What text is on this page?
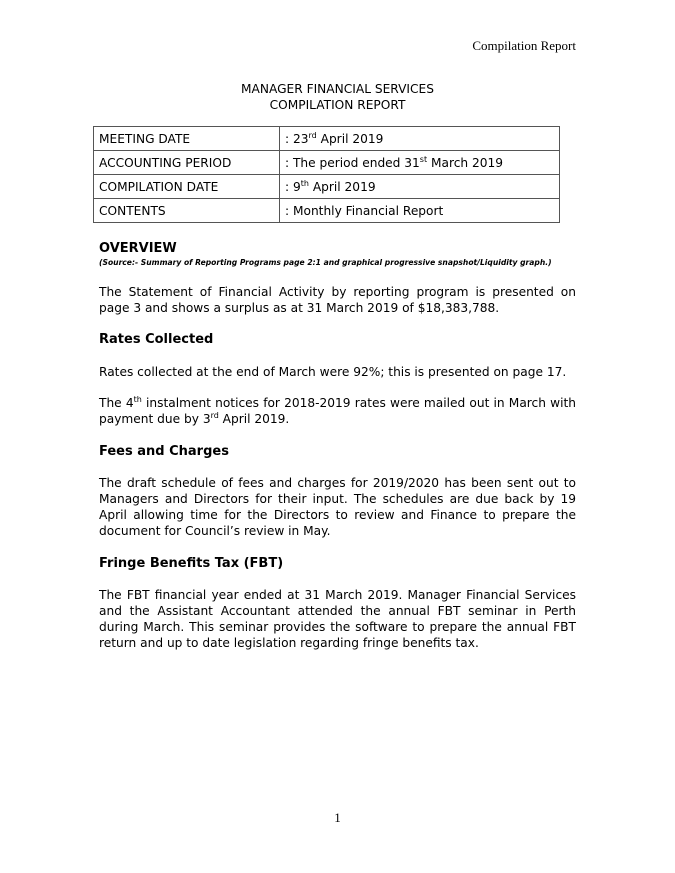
Compilation Report
MANAGER FINANCIAL SERVICES
COMPILATION REPORT
MEETING DATE	: 23rd April 2019
ACCOUNTING PERIOD	: The period ended 31st March 2019
COMPILATION DATE	: 9th April 2019
CONTENTS	: Monthly Financial Report
OVERVIEW
(Source:- Summary of Reporting Programs page 2:1 and graphical progressive snapshot/Liquidity graph.)
The Statement of Financial Activity by reporting program is presented on page 3 and shows a surplus as at 31 March 2019 of $18,383,788.
Rates Collected
Rates collected at the end of March were 92%; this is presented on page 17.
The 4th instalment notices for 2018-2019 rates were mailed out in March with payment due by 3rd April 2019.
Fees and Charges
The draft schedule of fees and charges for 2019/2020 has been sent out to Managers and Directors for their input. The schedules are due back by 19 April allowing time for the Directors to review and Finance to prepare the document for Council’s review in May.
Fringe Benefits Tax (FBT)
The FBT financial year ended at 31 March 2019. Manager Financial Services and the Assistant Accountant attended the annual FBT seminar in Perth during March. This seminar provides the software to prepare the annual FBT return and up to date legislation regarding fringe benefits tax.
1
